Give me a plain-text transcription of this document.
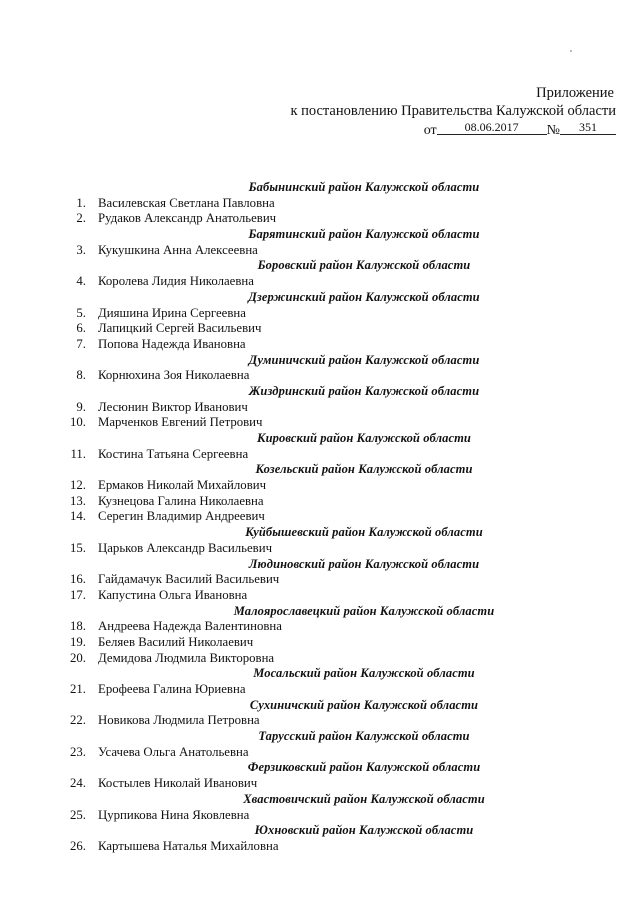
Приложение
к постановлению Правительства Калужской области
от 08.06.2017 № 351
Бабынинский район Калужской области
1. Василевская Светлана Павловна
2. Рудаков Александр Анатольевич
Барятинский район Калужской области
3. Кукушкина Анна Алексеевна
Боровский район Калужской области
4. Королева Лидия Николаевна
Дзержинский район Калужской области
5. Дияшина Ирина Сергеевна
6. Лапицкий Сергей Васильевич
7. Попова Надежда Ивановна
Думиничский район Калужской области
8. Корнюхина Зоя Николаевна
Жиздринский район Калужской области
9. Лесюнин Виктор Иванович
10. Марченков Евгений Петрович
Кировский район Калужской области
11. Костина Татьяна Сергеевна
Козельский район Калужской области
12. Ермаков Николай Михайлович
13. Кузнецова Галина Николаевна
14. Серегин Владимир Андреевич
Куйбышевский район Калужской области
15. Царьков Александр Васильевич
Людиновский район Калужской области
16. Гайдамачук Василий Васильевич
17. Капустина Ольга Ивановна
Малоярославецкий район Калужской области
18. Андреева Надежда Валентиновна
19. Беляев Василий Николаевич
20. Демидова Людмила Викторовна
Мосальский район Калужской области
21. Ерофеева Галина Юриевна
Сухиничский район Калужской области
22. Новикова Людмила Петровна
Тарусский район Калужской области
23. Усачева Ольга Анатольевна
Ферзиковский район Калужской области
24. Костылев Николай Иванович
Хвастовичский район Калужской области
25. Цурпикова Нина Яковлевна
Юхновский район Калужской области
26. Картышева Наталья Михайловна
